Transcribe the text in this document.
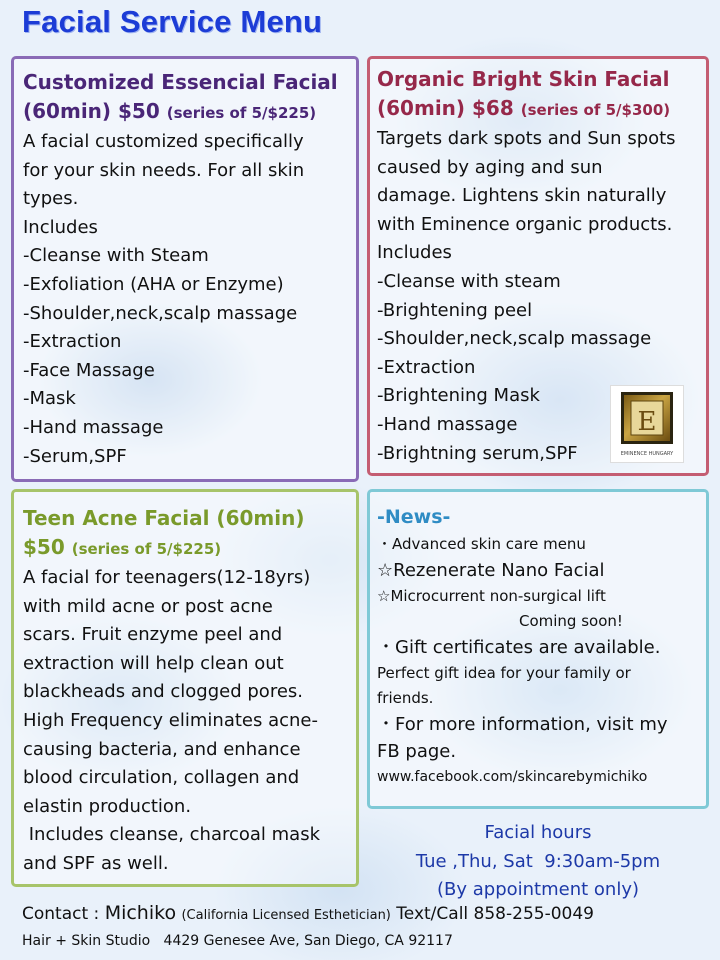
Facial Service Menu
Customized Essencial Facial
(60min) $50 (series of 5/$225)
A facial customized specifically
for your skin needs. For all skin
types.
Includes
-Cleanse with Steam
-Exfoliation (AHA or Enzyme)
-Shoulder,neck,scalp massage
-Extraction
-Face Massage
-Mask
-Hand massage
-Serum,SPF
Organic Bright Skin Facial
(60min) $68 (series of 5/$300)
Targets dark spots and Sun spots
caused by aging and sun
damage. Lightens skin naturally
with Eminence organic products.
Includes
-Cleanse with steam
-Brightening peel
-Shoulder,neck,scalp massage
-Extraction
-Brightening Mask
-Hand massage
-Brightning serum,SPF
E
EMINENCE HUNGARY
Teen Acne Facial (60min)
$50 (series of 5/$225)
A facial for teenagers(12-18yrs)
with mild acne or post acne
scars. Fruit enzyme peel and
extraction will help clean out
blackheads and clogged pores.
High Frequency eliminates acne-
causing bacteria, and enhance
blood circulation, collagen and
elastin production.
Includes cleanse, charcoal mask
and SPF as well.
-News-
・Advanced skin care menu
☆Rezenerate Nano Facial
☆Microcurrent non-surgical lift
Coming soon!
・Gift certificates are available.
Perfect gift idea for your family or
friends.
・For more information, visit my
FB page.
www.facebook.com/skincarebymichiko
Facial hours
Tue ,Thu, Sat  9:30am-5pm
(By appointment only)
Contact : Michiko (California Licensed Esthetician) Text/Call 858-255-0049
Hair + Skin Studio 4429 Genesee Ave, San Diego, CA 92117
